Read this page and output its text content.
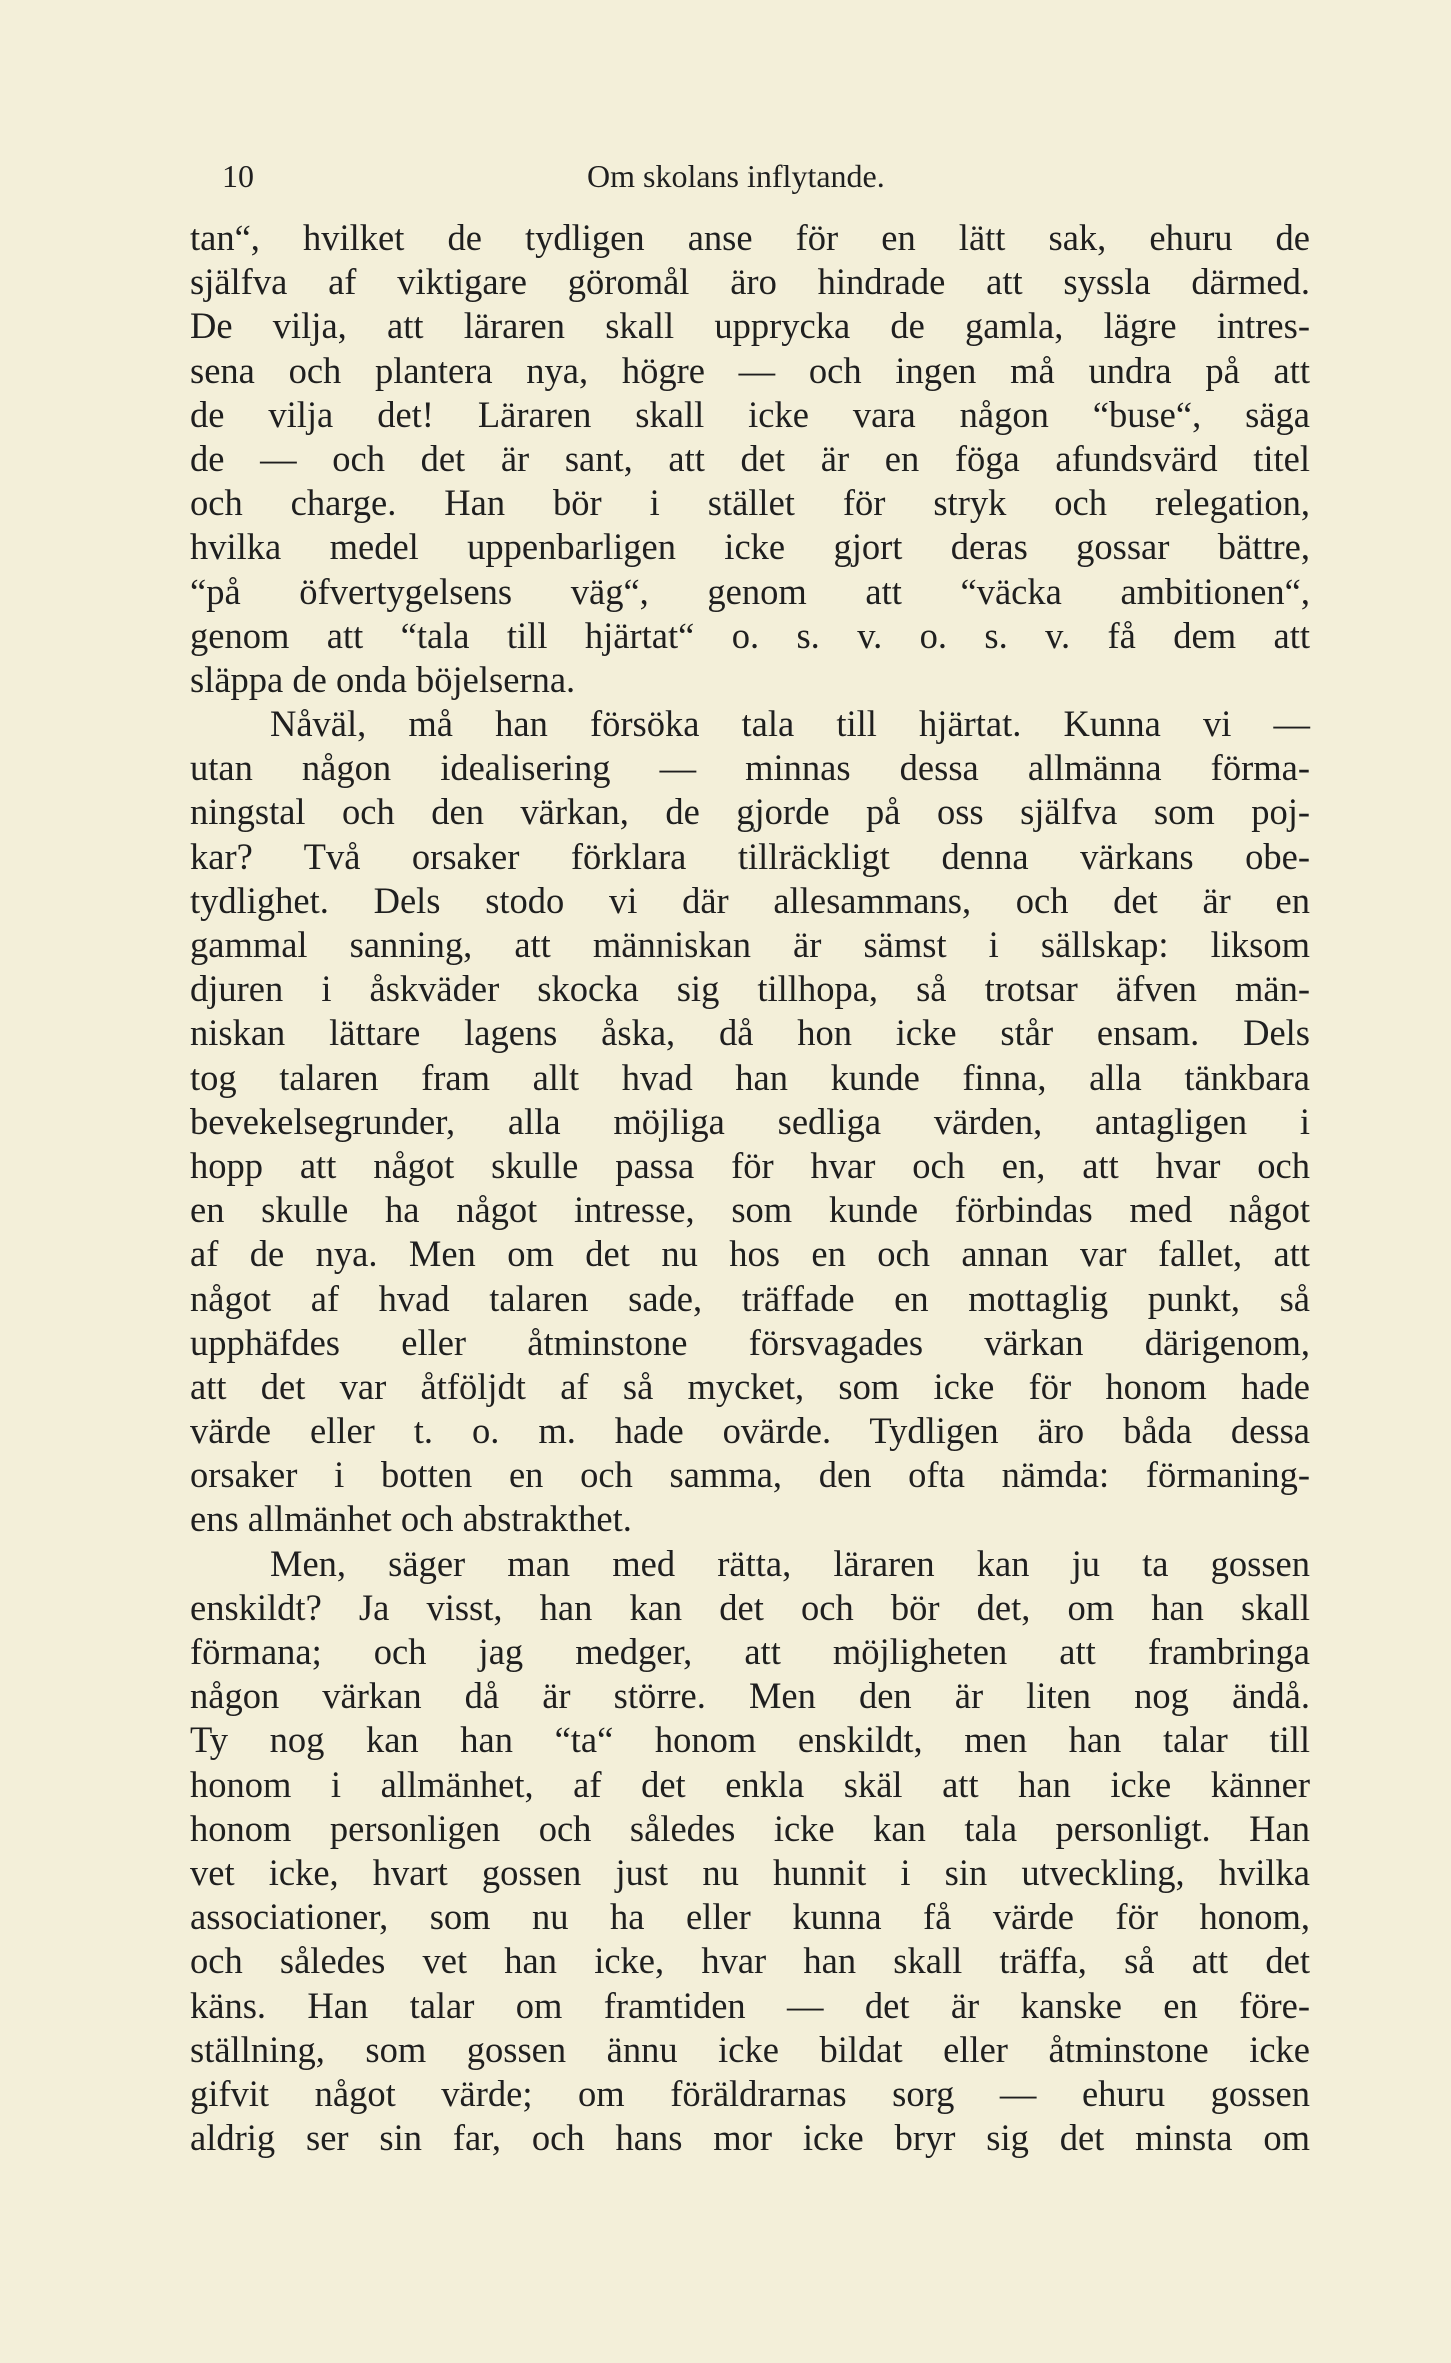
10	Om skolans inflytande.
tan“, hvilket de tydligen anse för en lätt sak, ehuru de
själfva af viktigare göromål äro hindrade att syssla därmed.
De vilja, att läraren skall upprycka de gamla, lägre intres-
sena och plantera nya, högre — och ingen må undra på att
de vilja det! Läraren skall icke vara någon “buse“, säga
de — och det är sant, att det är en föga afundsvärd titel
och charge. Han bör i stället för stryk och relegation,
hvilka medel uppenbarligen icke gjort deras gossar bättre,
“på öfvertygelsens väg“, genom att “väcka ambitionen“,
genom att “tala till hjärtat“ o. s. v. o. s. v. få dem att
släppa de onda böjelserna.
Nåväl, må han försöka tala till hjärtat. Kunna vi —
utan någon idealisering — minnas dessa allmänna förma-
ningstal och den värkan, de gjorde på oss själfva som poj-
kar? Två orsaker förklara tillräckligt denna värkans obe-
tydlighet. Dels stodo vi där allesammans, och det är en
gammal sanning, att människan är sämst i sällskap: liksom
djuren i åskväder skocka sig tillhopa, så trotsar äfven män-
niskan lättare lagens åska, då hon icke står ensam. Dels
tog talaren fram allt hvad han kunde finna, alla tänkbara
bevekelsegrunder, alla möjliga sedliga värden, antagligen i
hopp att något skulle passa för hvar och en, att hvar och
en skulle ha något intresse, som kunde förbindas med något
af de nya. Men om det nu hos en och annan var fallet, att
något af hvad talaren sade, träffade en mottaglig punkt, så
upphäfdes eller åtminstone försvagades värkan därigenom,
att det var åtföljdt af så mycket, som icke för honom hade
värde eller t. o. m. hade ovärde. Tydligen äro båda dessa
orsaker i botten en och samma, den ofta nämda: förmaning-
ens allmänhet och abstrakthet.
Men, säger man med rätta, läraren kan ju ta gossen
enskildt? Ja visst, han kan det och bör det, om han skall
förmana; och jag medger, att möjligheten att frambringa
någon värkan då är större. Men den är liten nog ändå.
Ty nog kan han “ta“ honom enskildt, men han talar till
honom i allmänhet, af det enkla skäl att han icke känner
honom personligen och således icke kan tala personligt. Han
vet icke, hvart gossen just nu hunnit i sin utveckling, hvilka
associationer, som nu ha eller kunna få värde för honom,
och således vet han icke, hvar han skall träffa, så att det
käns. Han talar om framtiden — det är kanske en före-
ställning, som gossen ännu icke bildat eller åtminstone icke
gifvit något värde; om föräldrarnas sorg — ehuru gossen
aldrig ser sin far, och hans mor icke bryr sig det minsta om
